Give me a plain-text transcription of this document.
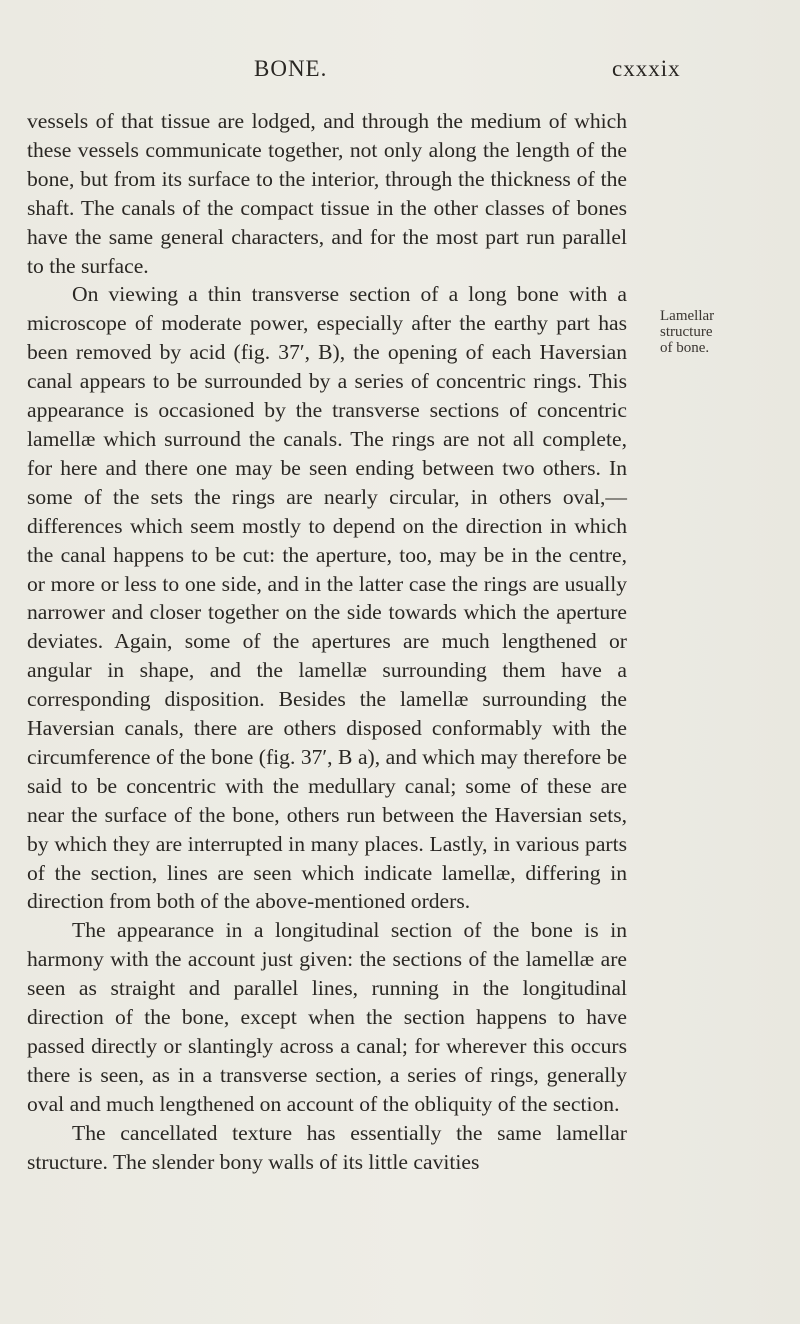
BONE.	cxxxix

vessels of that tissue are lodged, and through the medium of which these vessels communicate together, not only along the length of the bone, but from its surface to the interior, through the thickness of the shaft. The canals of the compact tissue in the other classes of bones have the same general characters, and for the most part run parallel to the surface.

On viewing a thin transverse section of a long bone with a microscope of moderate power, especially after the earthy part has been removed by acid (fig. 37′, B), the opening of each Haversian canal appears to be surrounded by a series of concentric rings. This appearance is occasioned by the transverse sections of concentric lamellæ which surround the canals. The rings are not all complete, for here and there one may be seen ending between two others. In some of the sets the rings are nearly circular, in others oval,—differences which seem mostly to depend on the direction in which the canal happens to be cut: the aperture, too, may be in the centre, or more or less to one side, and in the latter case the rings are usually narrower and closer together on the side towards which the aperture deviates. Again, some of the apertures are much lengthened or angular in shape, and the lamellæ surrounding them have a corresponding disposition. Besides the lamellæ surrounding the Haversian canals, there are others disposed conformably with the circumference of the bone (fig. 37′, B a), and which may therefore be said to be concentric with the medullary canal; some of these are near the surface of the bone, others run between the Haversian sets, by which they are interrupted in many places. Lastly, in various parts of the section, lines are seen which indicate lamellæ, differing in direction from both of the above-mentioned orders.

The appearance in a longitudinal section of the bone is in harmony with the account just given: the sections of the lamellæ are seen as straight and parallel lines, running in the longitudinal direction of the bone, except when the section happens to have passed directly or slantingly across a canal; for wherever this occurs there is seen, as in a transverse section, a series of rings, generally oval and much lengthened on account of the obliquity of the section.

The cancellated texture has essentially the same lamellar structure. The slender bony walls of its little cavities

Lamellar
structure
of bone.
